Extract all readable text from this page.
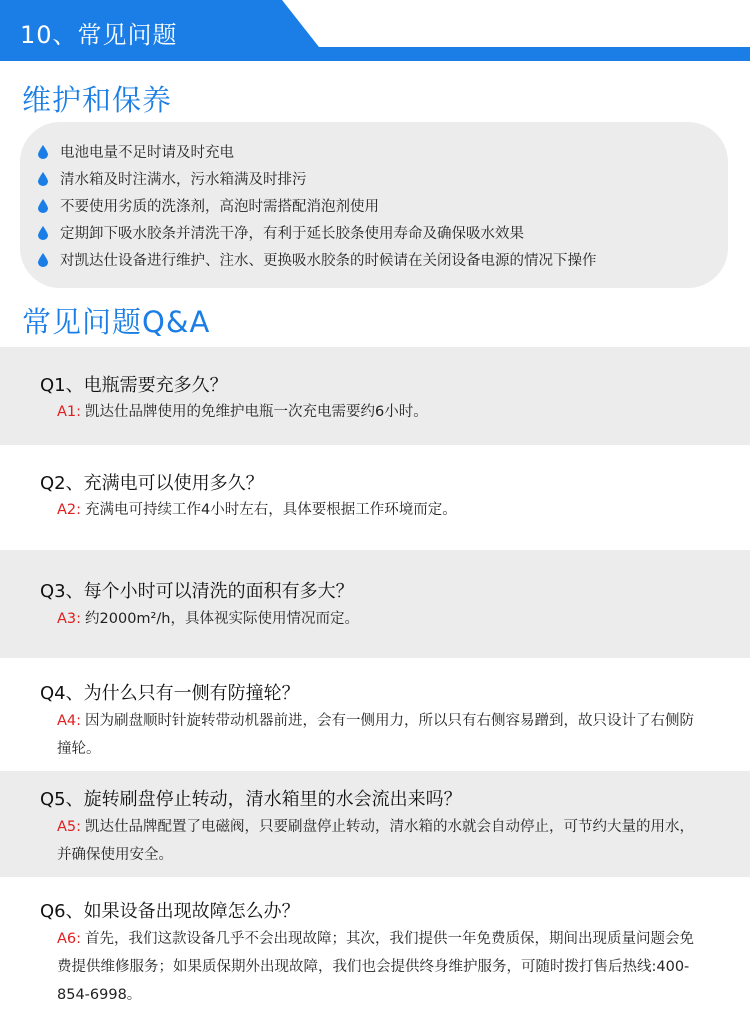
10、常见问题
维护和保养
电池电量不足时请及时充电
清水箱及时注满水，污水箱满及时排污
不要使用劣质的洗涤剂，高泡时需搭配消泡剂使用
定期卸下吸水胶条并清洗干净，有利于延长胶条使用寿命及确保吸水效果
对凯达仕设备进行维护、注水、更换吸水胶条的时候请在关闭设备电源的情况下操作
常见问题Q&A
Q1、电瓶需要充多久？
A1: 凯达仕品牌使用的免维护电瓶一次充电需要约6小时。
Q2、充满电可以使用多久？
A2: 充满电可持续工作4小时左右，具体要根据工作环境而定。
Q3、每个小时可以清洗的面积有多大？
A3: 约2000m²/h，具体视实际使用情况而定。
Q4、为什么只有一侧有防撞轮？
A4: 因为刷盘顺时针旋转带动机器前进，会有一侧用力，所以只有右侧容易蹭到，故只设计了右侧防撞轮。
Q5、旋转刷盘停止转动，清水箱里的水会流出来吗？
A5: 凯达仕品牌配置了电磁阀，只要刷盘停止转动，清水箱的水就会自动停止，可节约大量的用水，并确保使用安全。
Q6、如果设备出现故障怎么办？
A6: 首先，我们这款设备几乎不会出现故障；其次，我们提供一年免费质保，期间出现质量问题会免费提供维修服务；如果质保期外出现故障，我们也会提供终身维护服务，可随时拨打售后热线:400-854-6998。
